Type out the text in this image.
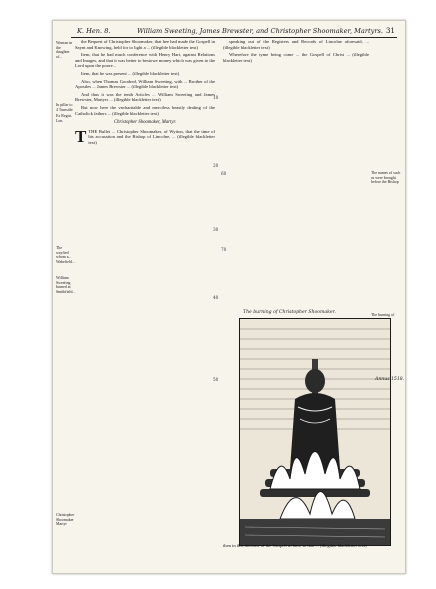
K. Hen. 8.	William Sweeting, James Brewster, and Christopher Shoomaker, Martyrs. 31
Woman in the daughter of...
In pillar to 4 Turnstile
Ex Regist. Lon.
The wayfied whom a... Wakefield...
William Sweeting burned at Smithfield...
Christopher Shoomaker Martyr

the Bequest of Christopher Shoomaker, that hee had made the Gospell in Saynt and Knowing, held for to light a ... (illegible blackletter text)

Item, that he had much conference with Henry Hart, against Relations and Images, and that it was better to bestowe money which was given to the Lord upon the poore...

Item, that he was present ... (illegible blackletter text)

Also, when Thomas Goodred, William Sweeting, with ... Brother of the Apostles ... James Brewster ... (illegible blackletter text)

And thus it was the tenth Articles ... William Sweeting and James Brewster, Martyrs ... (illegible blackletter text)

But now here the vncharitable and merciless beastly dealing of the Catholick fathers ... (illegible blackletter text)

Christopher Shoomaker, Martyr.

T THE Bullet ... Christopher Shoomaker, of Wytton, that the time of his accusation and the Bishop of Lincolne, ... (illegible blackletter text)

10
20
30
40
50

speaking out of the Registers and Records of Lincolne aforesaid, ... (illegible blackletter text)

Wherefore the tyme being come ... the Gospell of Christ ... (illegible blackletter text)

60
70
The names of such as were brought before the Bishop
The burning of
The burning of Christopher Shoomaker.
Annus 1518.
then in this doctrine of the Gospell in him, so that ... (illegible blackletter text)
